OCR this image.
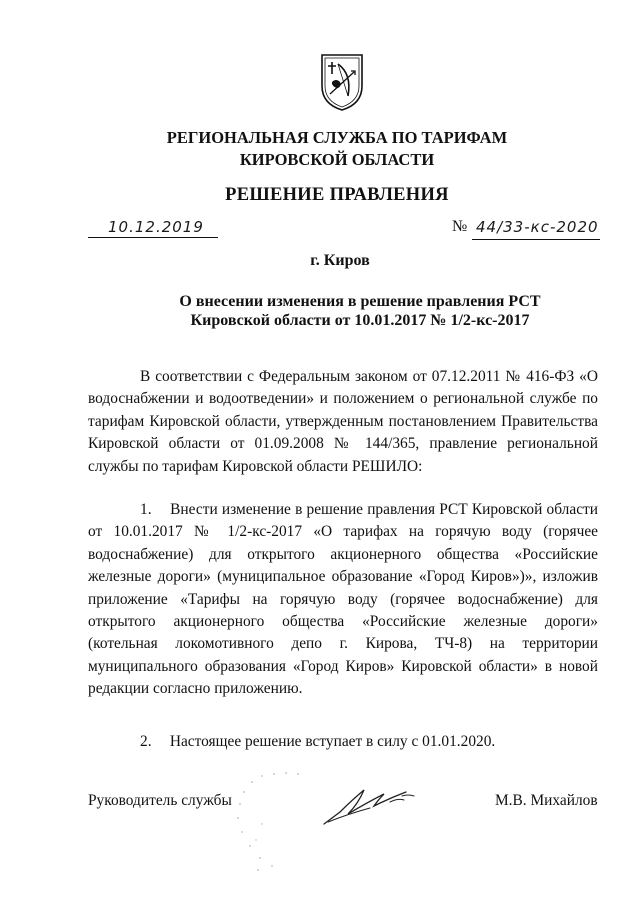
РЕГИОНАЛЬНАЯ СЛУЖБА ПО ТАРИФАМ
КИРОВСКОЙ ОБЛАСТИ
РЕШЕНИЕ ПРАВЛЕНИЯ
10.12.2019	№ 44/33-кс-2020
г. Киров
О внесении изменения в решение правления РСТ Кировской области от 10.01.2017 № 1/2-кс-2017
В соответствии с Федеральным законом от 07.12.2011 № 416-ФЗ «О водоснабжении и водоотведении» и положением о региональной службе по тарифам Кировской области, утвержденным постановлением Правительства Кировской области от 01.09.2008 № 144/365, правление региональной службы по тарифам Кировской области РЕШИЛО:
1. Внести изменение в решение правления РСТ Кировской области от 10.01.2017 № 1/2-кс-2017 «О тарифах на горячую воду (горячее водоснабжение) для открытого акционерного общества «Российские железные дороги» (муниципальное образование «Город Киров»)», изложив приложение «Тарифы на горячую воду (горячее водоснабжение) для открытого акционерного общества «Российские железные дороги» (котельная локомотивного депо г. Кирова, ТЧ-8) на территории муниципального образования «Город Киров» Кировской области» в новой редакции согласно приложению.
2. Настоящее решение вступает в силу с 01.01.2020.
Руководитель службы	М.В. Михайлов
